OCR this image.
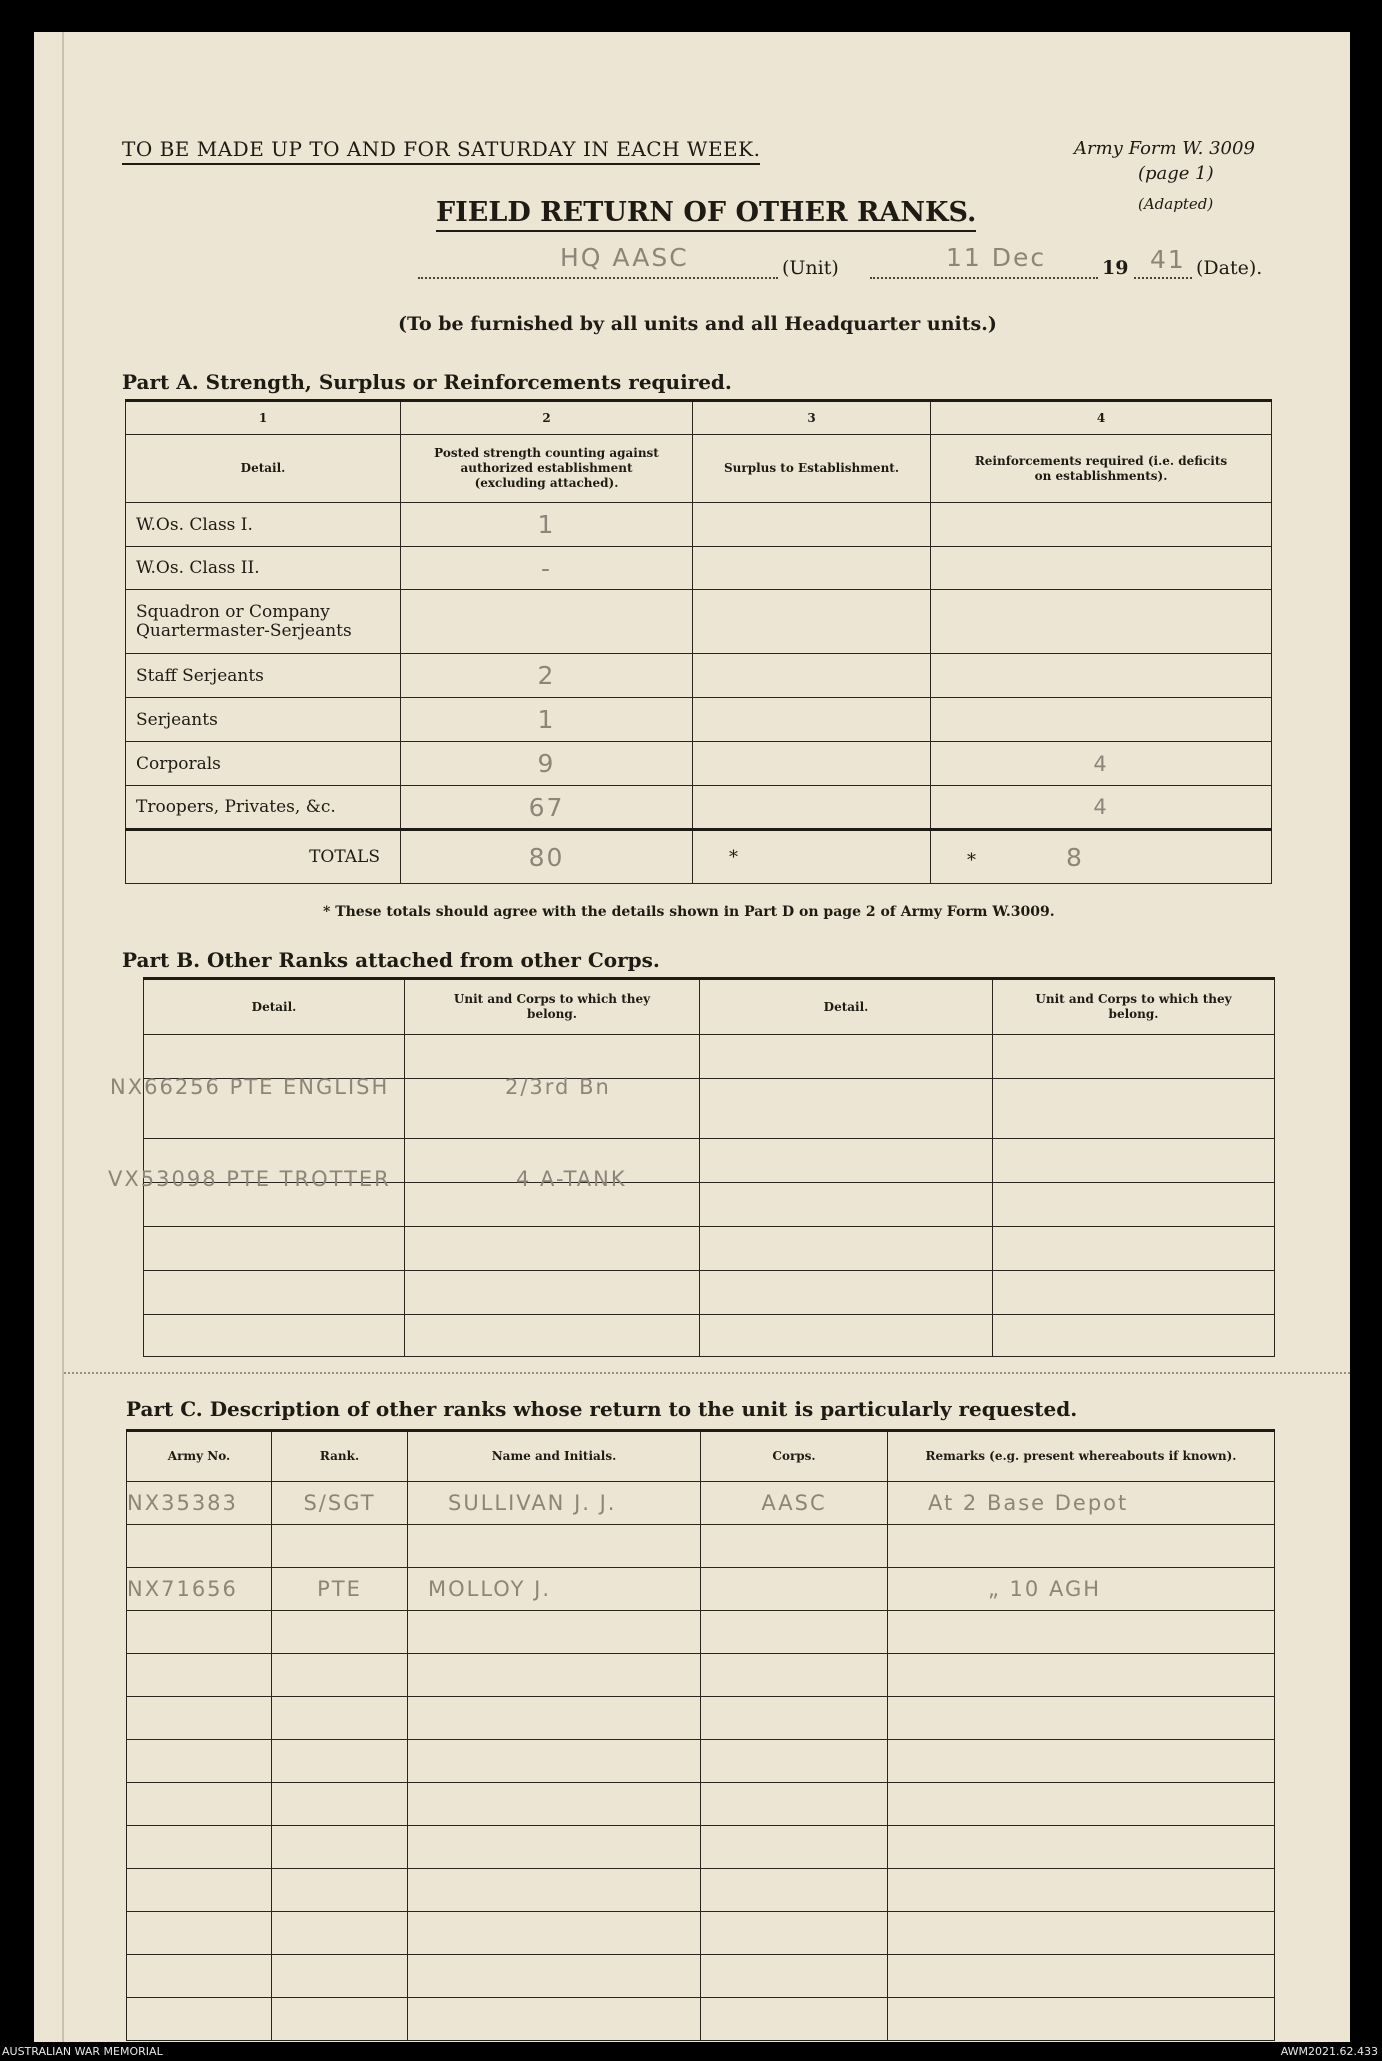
TO BE MADE UP TO AND FOR SATURDAY IN EACH WEEK.	Army Form W. 3009
(page 1)
(Adapted)
FIELD RETURN OF OTHER RANKS.
HQ AASC	(Unit)	11 Dec	19 41 (Date).
(To be furnished by all units and all Headquarter units.)
Part A. Strength, Surplus or Reinforcements required.
1	2	3	4
Detail.	Posted strength counting against authorized establishment (excluding attached).	Surplus to Establishment.	Reinforcements required (i.e. deficits on establishments).
W.Os. Class I.	1		
W.Os. Class II.	-		
Squadron or Company Quartermaster-Serjeants			
Staff Serjeants	2		
Serjeants	1		
Corporals	9		4
Troopers, Privates, &c.	67		4
TOTALS	80	*	* 8
* These totals should agree with the details shown in Part D on page 2 of Army Form W.3009.
Part B. Other Ranks attached from other Corps.
Detail.	Unit and Corps to which they belong.	Detail.	Unit and Corps to which they belong.

NX66256 PTE ENGLISH	2/3rd Bn
VX53098 PTE TROTTER	4 A-TANK
Part C. Description of other ranks whose return to the unit is particularly requested.
Army No.	Rank.	Name and Initials.	Corps.	Remarks (e.g. present whereabouts if known).
NX35383	S/SGT	SULLIVAN J. J.	AASC	At 2 Base Depot

NX71656	PTE	MOLLOY J.		„ 10 AGH

AUSTRALIAN WAR MEMORIAL	AWM2021.62.433
